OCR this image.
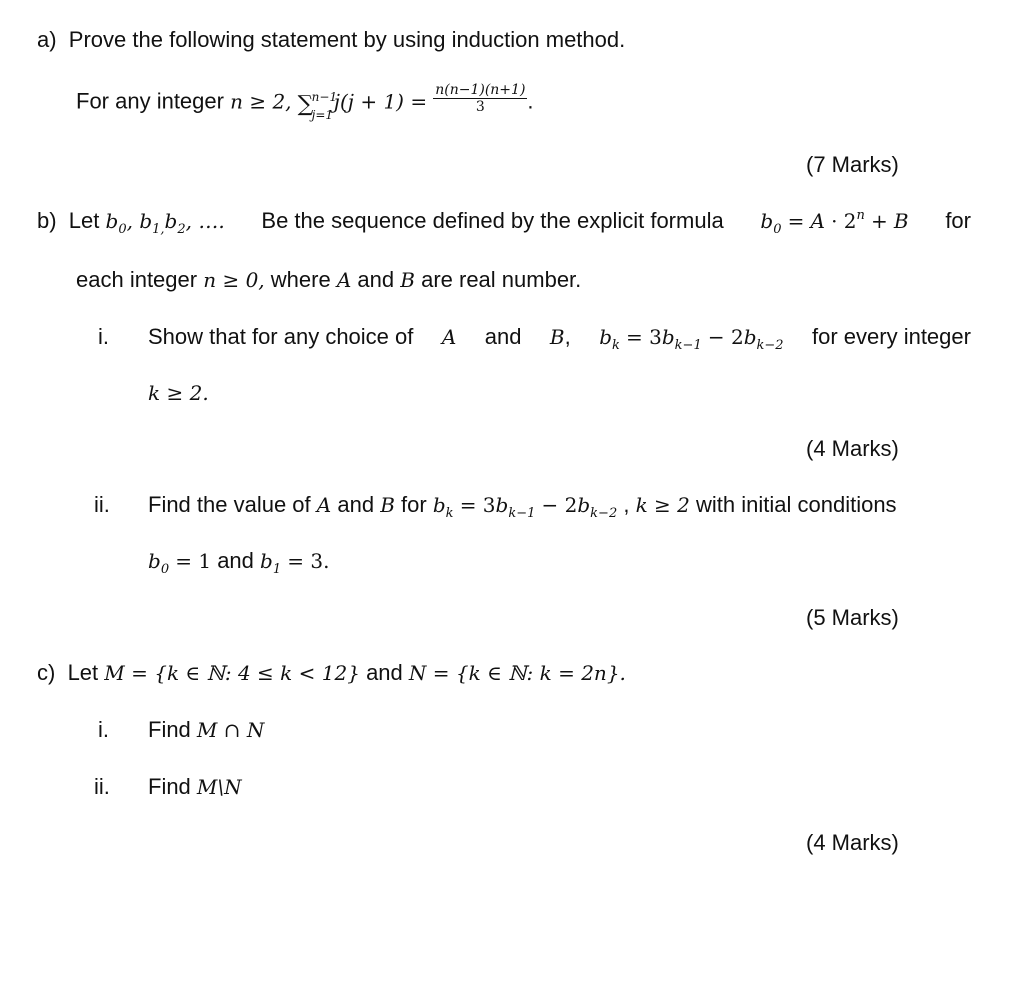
a) Prove the following statement by using induction method.
For any integer n ≥ 2, ∑
n−1
j=1
$j(j + 1) = \frac{n(n-1)(n+1)}{3}$ .
(7 Marks)
b) Let $b_0$, $b_{1,}b_2$, …. Be the sequence defined by the explicit formula $b_0 = A \cdot 2^n + B$ for
each integer n ≥ 0, where A and B are real number.
i. Show that for any choice of A and B, $b_k = 3b_{k-1} - 2b_{k-2}$ for every integer
k ≥ 2.
(4 Marks)
ii. Find the value of A and B for $b_k = 3b_{k-1} - 2b_{k-2}$ , k ≥ 2 with initial conditions
$b_0 = 1$ and $b_1 = 3$.
(5 Marks)
c) Let M = {k ∈ ℕ: 4 ≤ k < 12} and N = {k ∈ ℕ: k = 2n}.
i. Find M ∩ N
ii. Find M\N
(4 Marks)
